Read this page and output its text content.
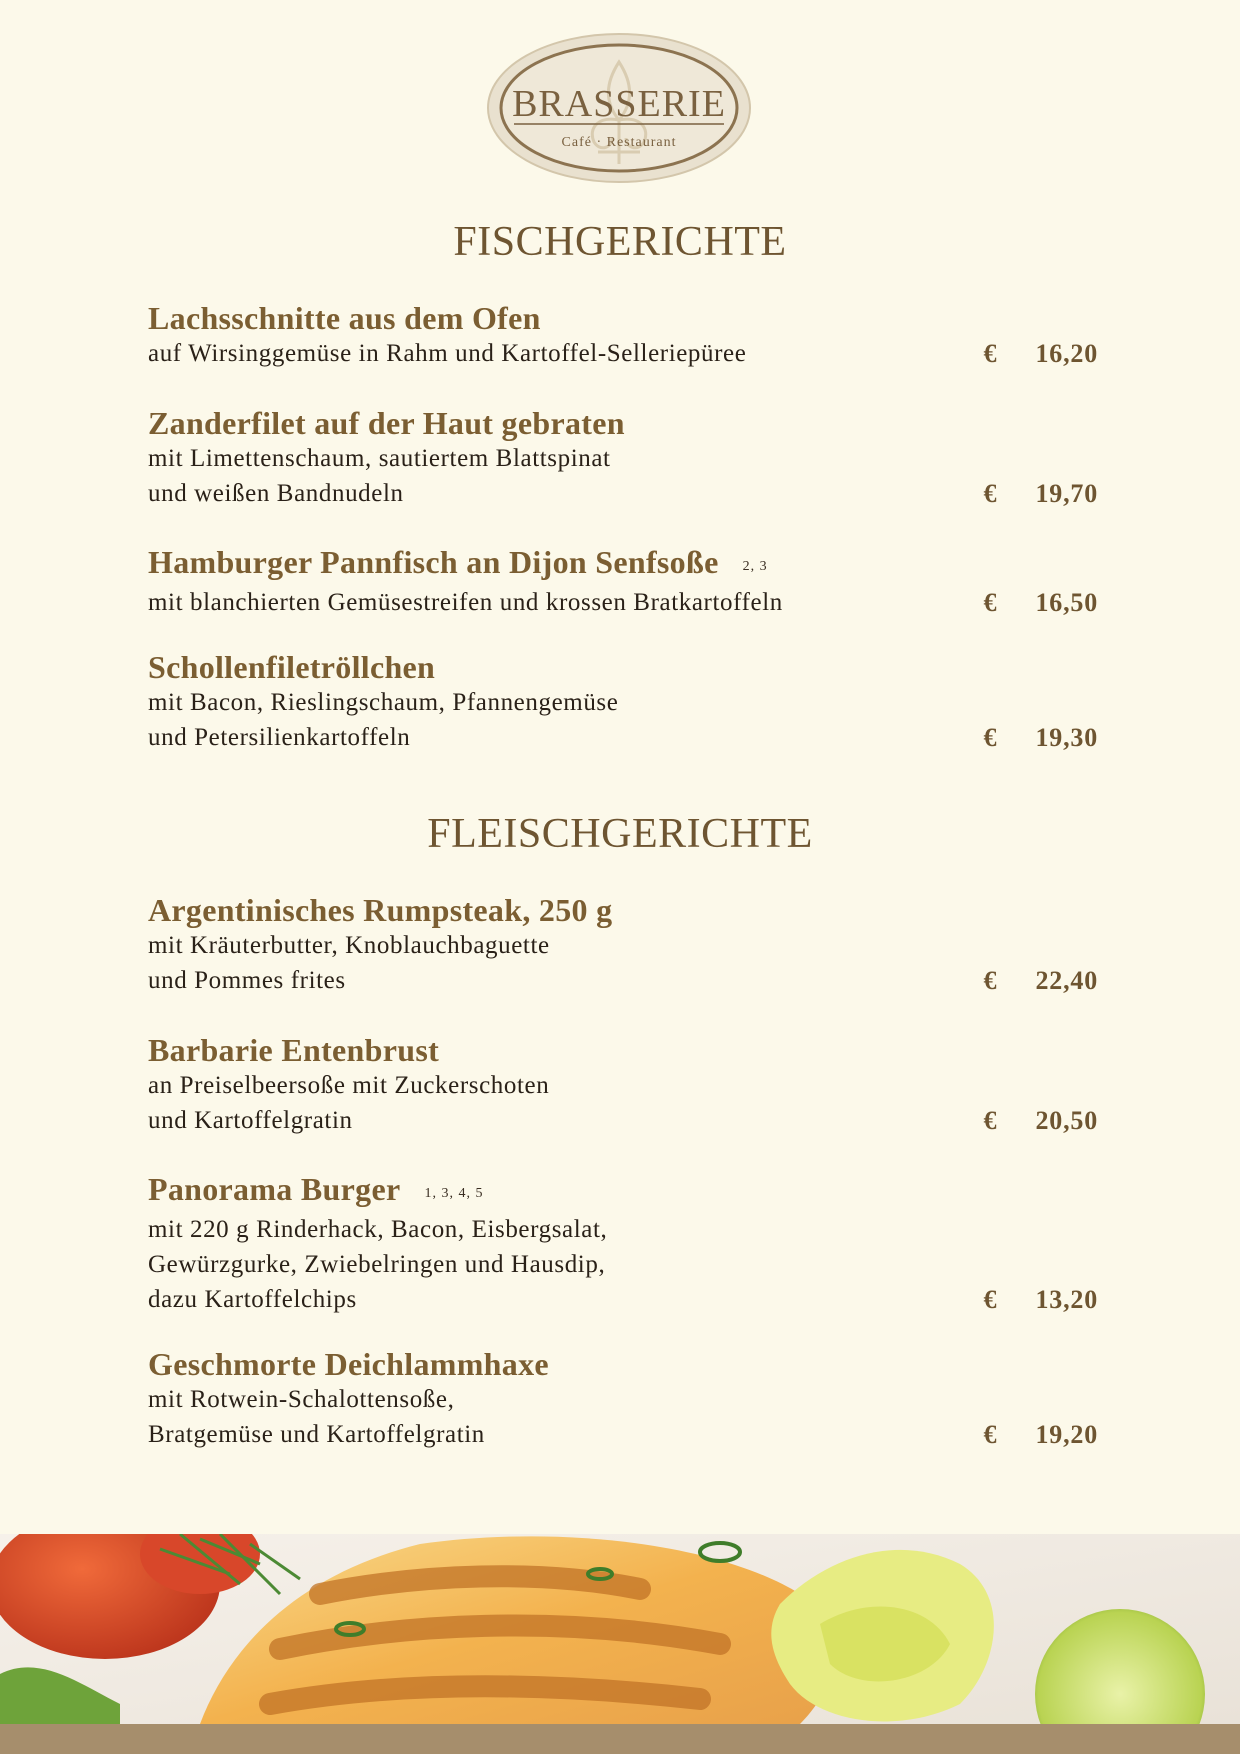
BRASSERIE
Café · Restaurant
FISCHGERICHTE
Lachsschnitte aus dem Ofen
auf Wirsinggemüse in Rahm und Kartoffel-Selleriepüree	€ 16,20
Zanderfilet auf der Haut gebraten
mit Limettenschaum, sautiertem Blattspinat
und weißen Bandnudeln	€ 19,70
Hamburger Pannfisch an Dijon Senfsoße 2, 3
mit blanchierten Gemüsestreifen und krossen Bratkartoffeln	€ 16,50
Schollenfiletröllchen
mit Bacon, Rieslingschaum, Pfannengemüse
und Petersilienkartoffeln	€ 19,30
FLEISCHGERICHTE
Argentinisches Rumpsteak, 250 g
mit Kräuterbutter, Knoblauchbaguette
und Pommes frites	€ 22,40
Barbarie Entenbrust
an Preiselbeersoße mit Zuckerschoten
und Kartoffelgratin	€ 20,50
Panorama Burger 1, 3, 4, 5
mit 220 g Rinderhack, Bacon, Eisbergsalat,
Gewürzgurke, Zwiebelringen und Hausdip,
dazu Kartoffelchips	€ 13,20
Geschmorte Deichlammhaxe
mit Rotwein-Schalottensoße,
Bratgemüse und Kartoffelgratin	€ 19,20
